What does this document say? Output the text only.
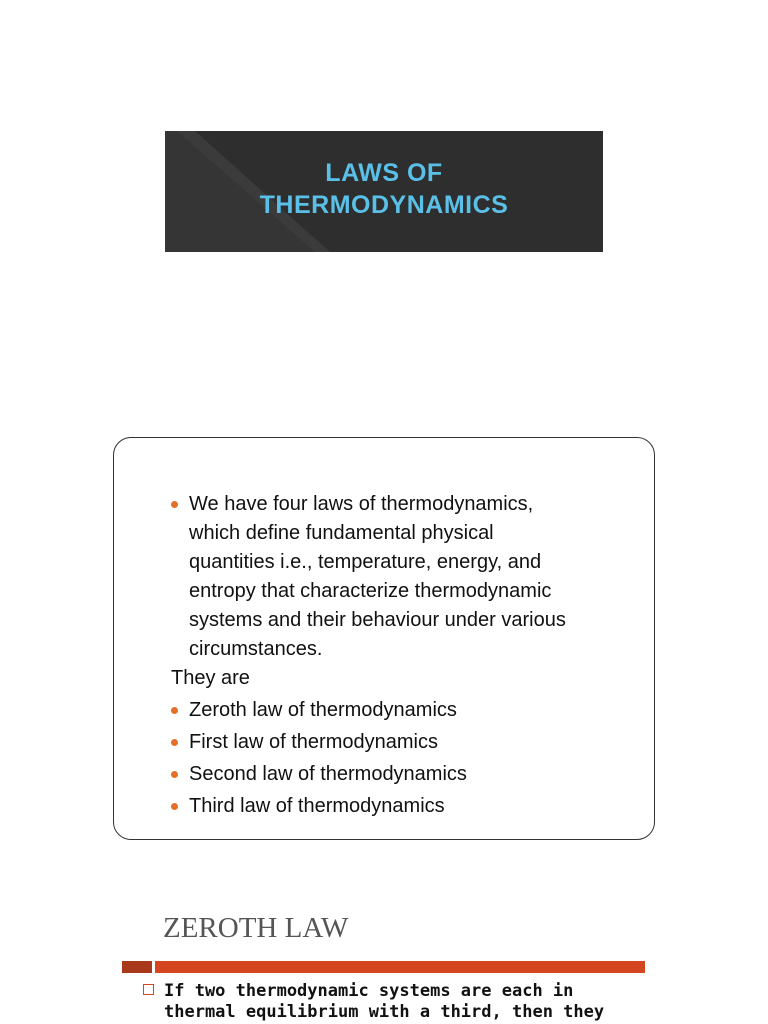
LAWS OF
THERMODYNAMICS
We have four laws of thermodynamics,
which define fundamental physical
quantities i.e., temperature, energy, and
entropy that characterize thermodynamic
systems and their behaviour under various
circumstances.
They are
Zeroth law of thermodynamics
First law of thermodynamics
Second law of thermodynamics
Third law of thermodynamics
ZEROTH LAW
If two thermodynamic systems are each in
thermal equilibrium with a third, then they
